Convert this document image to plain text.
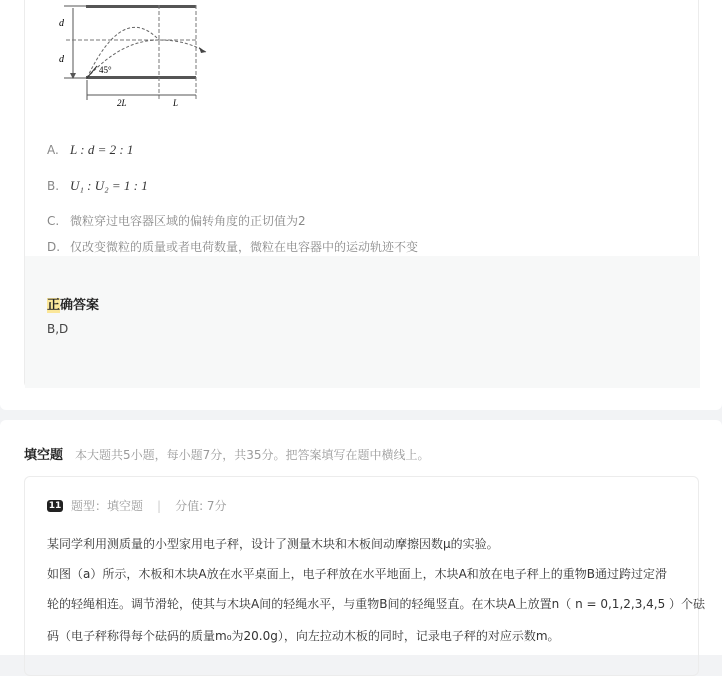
d
d
45°
2L	L
A. L : d = 2 : 1
B. U₁ : U₂ = 1 : 1
C. 微粒穿过电容器区域的偏转角度的正切值为2
D. 仅改变微粒的质量或者电荷数量，微粒在电容器中的运动轨迹不变
正确答案
B,D
填空题 本大题共5小题，每小题7分，共35分。把答案填写在题中横线上。
11 题型：填空题 | 分值: 7分
某同学利用测质量的小型家用电子秤，设计了测量木块和木板间动摩擦因数μ的实验。
如图（a）所示，木板和木块A放在水平桌面上，电子秤放在水平地面上，木块A和放在电子秤上的重物B通过跨过定滑
轮的轻绳相连。调节滑轮，使其与木块A间的轻绳水平，与重物B间的轻绳竖直。在木块A上放置n（ n = 0,1,2,3,4,5 ）个砝
码（电子秤称得每个砝码的质量m₀为20.0g），向左拉动木板的同时，记录电子秤的对应示数m。
